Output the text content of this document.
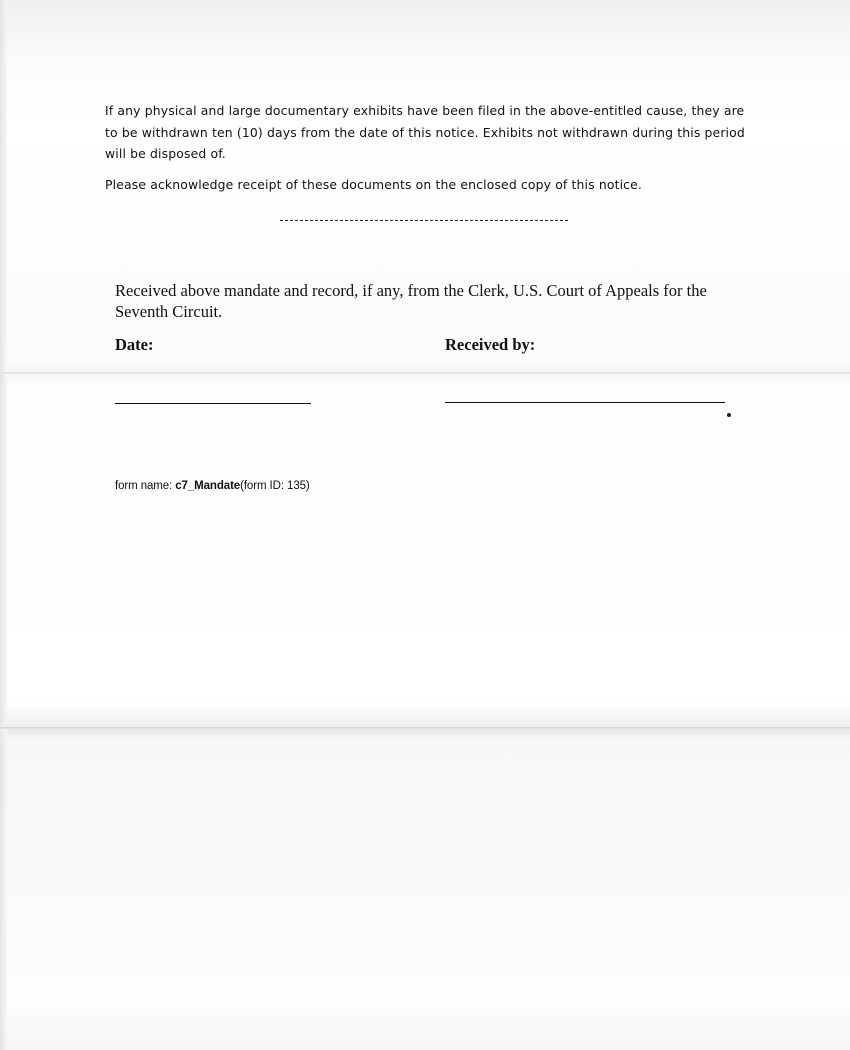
If any physical and large documentary exhibits have been filed in the above-entitled cause, they are to be withdrawn ten (10) days from the date of this notice. Exhibits not withdrawn during this period will be disposed of.
Please acknowledge receipt of these documents on the enclosed copy of this notice.
Received above mandate and record, if any, from the Clerk, U.S. Court of Appeals for the Seventh Circuit.
Date:	Received by:
form name: c7_Mandate(form ID: 135)
